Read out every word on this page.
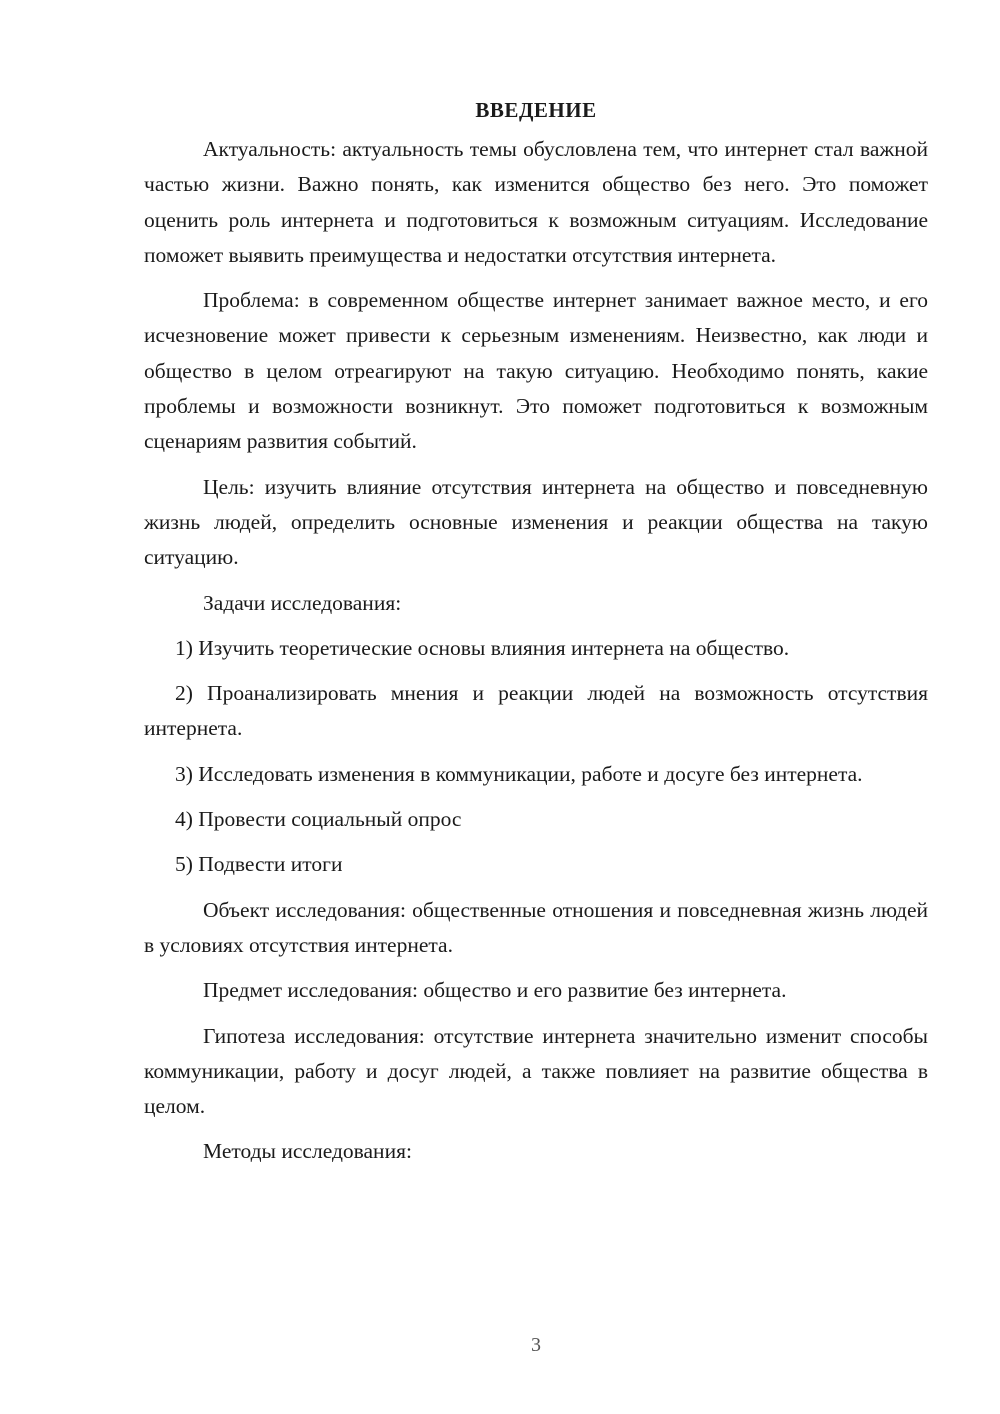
ВВЕДЕНИЕ

Актуальность: актуальность темы обусловлена тем, что интернет стал важной частью жизни. Важно понять, как изменится общество без него. Это поможет оценить роль интернета и подготовиться к возможным ситуациям. Исследование поможет выявить преимущества и недостатки отсутствия интернета.

Проблема: в современном обществе интернет занимает важное место, и его исчезновение может привести к серьезным изменениям. Неизвестно, как люди и общество в целом отреагируют на такую ситуацию. Необходимо понять, какие проблемы и возможности возникнут. Это поможет подготовиться к возможным сценариям развития событий.

Цель: изучить влияние отсутствия интернета на общество и повседневную жизнь людей, определить основные изменения и реакции общества на такую ситуацию.

Задачи исследования:

1) Изучить теоретические основы влияния интернета на общество.

2) Проанализировать мнения и реакции людей на возможность отсутствия интернета.

3) Исследовать изменения в коммуникации, работе и досуге без интернета.

4) Провести социальный опрос

5) Подвести итоги

Объект исследования: общественные отношения и повседневная жизнь людей в условиях отсутствия интернета.

Предмет исследования: общество и его развитие без интернета.

Гипотеза исследования: отсутствие интернета значительно изменит способы коммуникации, работу и досуг людей, а также повлияет на развитие общества в целом.

Методы исследования:

3
